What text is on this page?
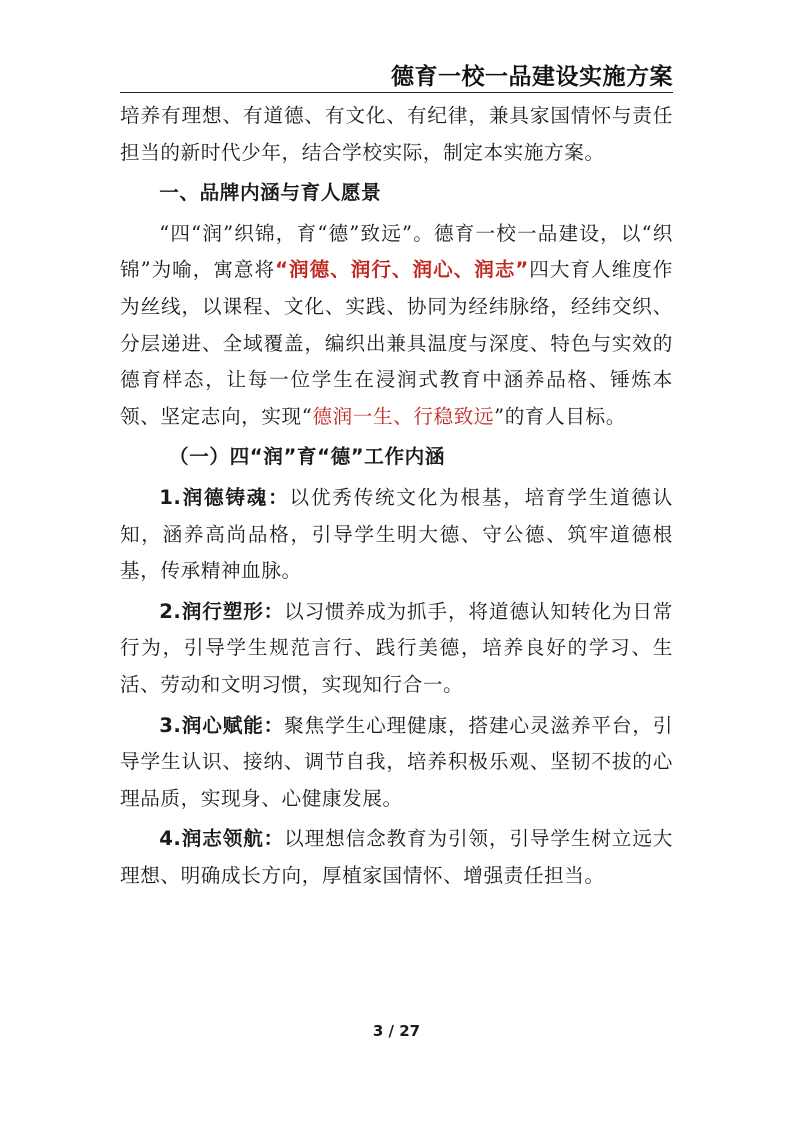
德育一校一品建设实施方案

培养有理想、有道德、有文化、有纪律，兼具家国情怀与责任担当的新时代少年，结合学校实际，制定本实施方案。

一、品牌内涵与育人愿景

“四“润”织锦，育“德”致远”。德育一校一品建设，以“织锦”为喻，寓意将“润德、润行、润心、润志”四大育人维度作为丝线，以课程、文化、实践、协同为经纬脉络，经纬交织、分层递进、全域覆盖，编织出兼具温度与深度、特色与实效的德育样态，让每一位学生在浸润式教育中涵养品格、锤炼本领、坚定志向，实现“德润一生、行稳致远”的育人目标。

（一）四“润”育“德”工作内涵

1.润德铸魂：以优秀传统文化为根基，培育学生道德认知，涵养高尚品格，引导学生明大德、守公德、筑牢道德根基，传承精神血脉。

2.润行塑形：以习惯养成为抓手，将道德认知转化为日常行为，引导学生规范言行、践行美德，培养良好的学习、生活、劳动和文明习惯，实现知行合一。

3.润心赋能：聚焦学生心理健康，搭建心灵滋养平台，引导学生认识、接纳、调节自我，培养积极乐观、坚韧不拔的心理品质，实现身、心健康发展。

4.润志领航：以理想信念教育为引领，引导学生树立远大理想、明确成长方向，厚植家国情怀、增强责任担当。

3 / 27
